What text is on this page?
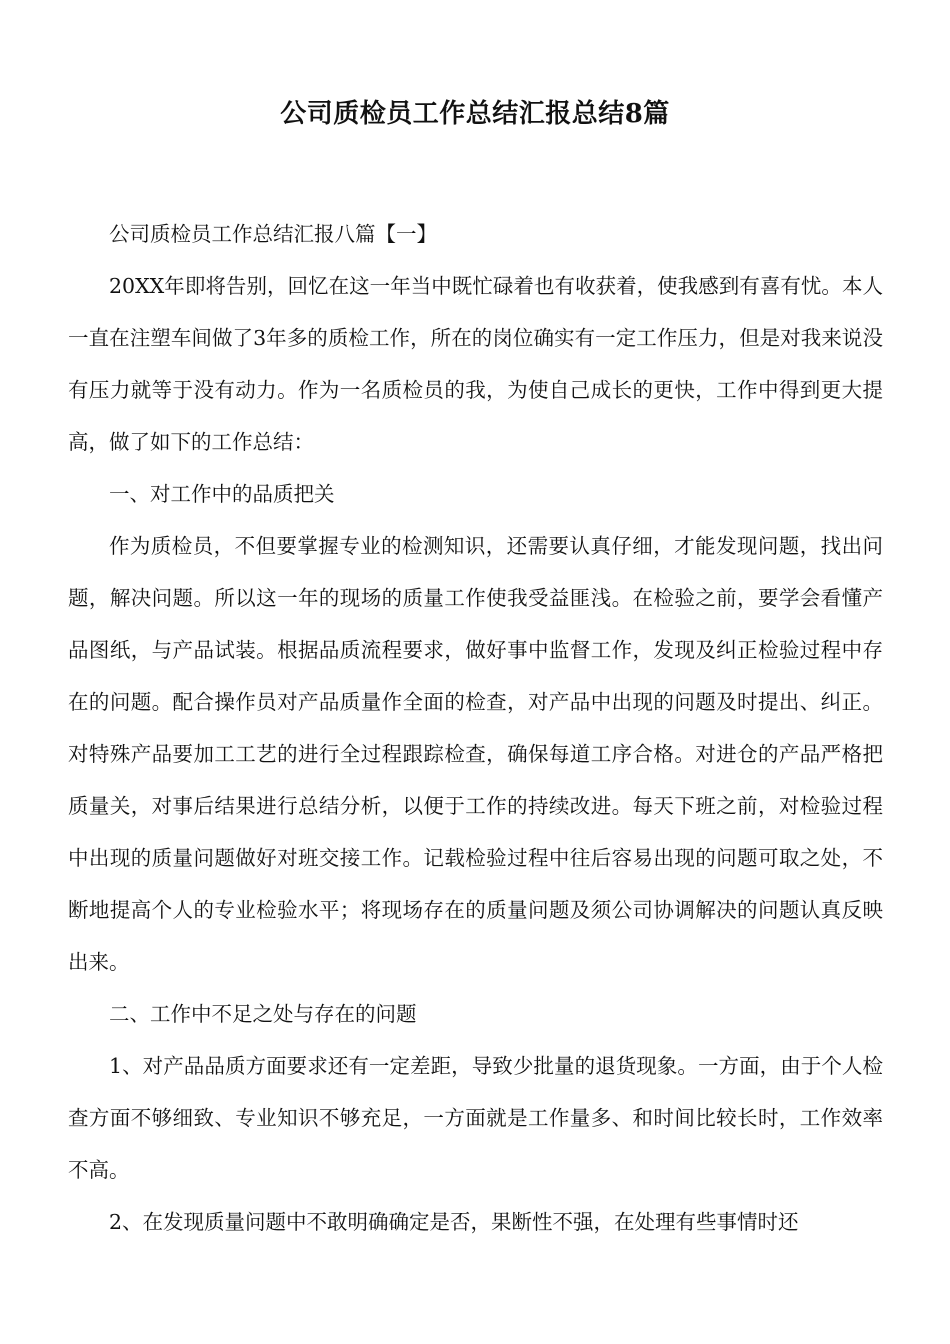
公司质检员工作总结汇报总结8篇

公司质检员工作总结汇报八篇【一】

20XX年即将告别，回忆在这一年当中既忙碌着也有收获着，使我感到有喜有忧。本人一直在注塑车间做了3年多的质检工作，所在的岗位确实有一定工作压力，但是对我来说没有压力就等于没有动力。作为一名质检员的我，为使自己成长的更快，工作中得到更大提高，做了如下的工作总结：

一、对工作中的品质把关

作为质检员，不但要掌握专业的检测知识，还需要认真仔细，才能发现问题，找出问题，解决问题。所以这一年的现场的质量工作使我受益匪浅。在检验之前，要学会看懂产品图纸，与产品试装。根据品质流程要求，做好事中监督工作，发现及纠正检验过程中存在的问题。配合操作员对产品质量作全面的检查，对产品中出现的问题及时提出、纠正。对特殊产品要加工工艺的进行全过程跟踪检查，确保每道工序合格。对进仓的产品严格把质量关，对事后结果进行总结分析，以便于工作的持续改进。每天下班之前，对检验过程中出现的质量问题做好对班交接工作。记载检验过程中往后容易出现的问题可取之处，不断地提高个人的专业检验水平；将现场存在的质量问题及须公司协调解决的问题认真反映出来。

二、工作中不足之处与存在的问题

1、对产品品质方面要求还有一定差距，导致少批量的退货现象。一方面，由于个人检查方面不够细致、专业知识不够充足，一方面就是工作量多、和时间比较长时，工作效率不高。

2、在发现质量问题中不敢明确确定是否，果断性不强，在处理有些事情时还
